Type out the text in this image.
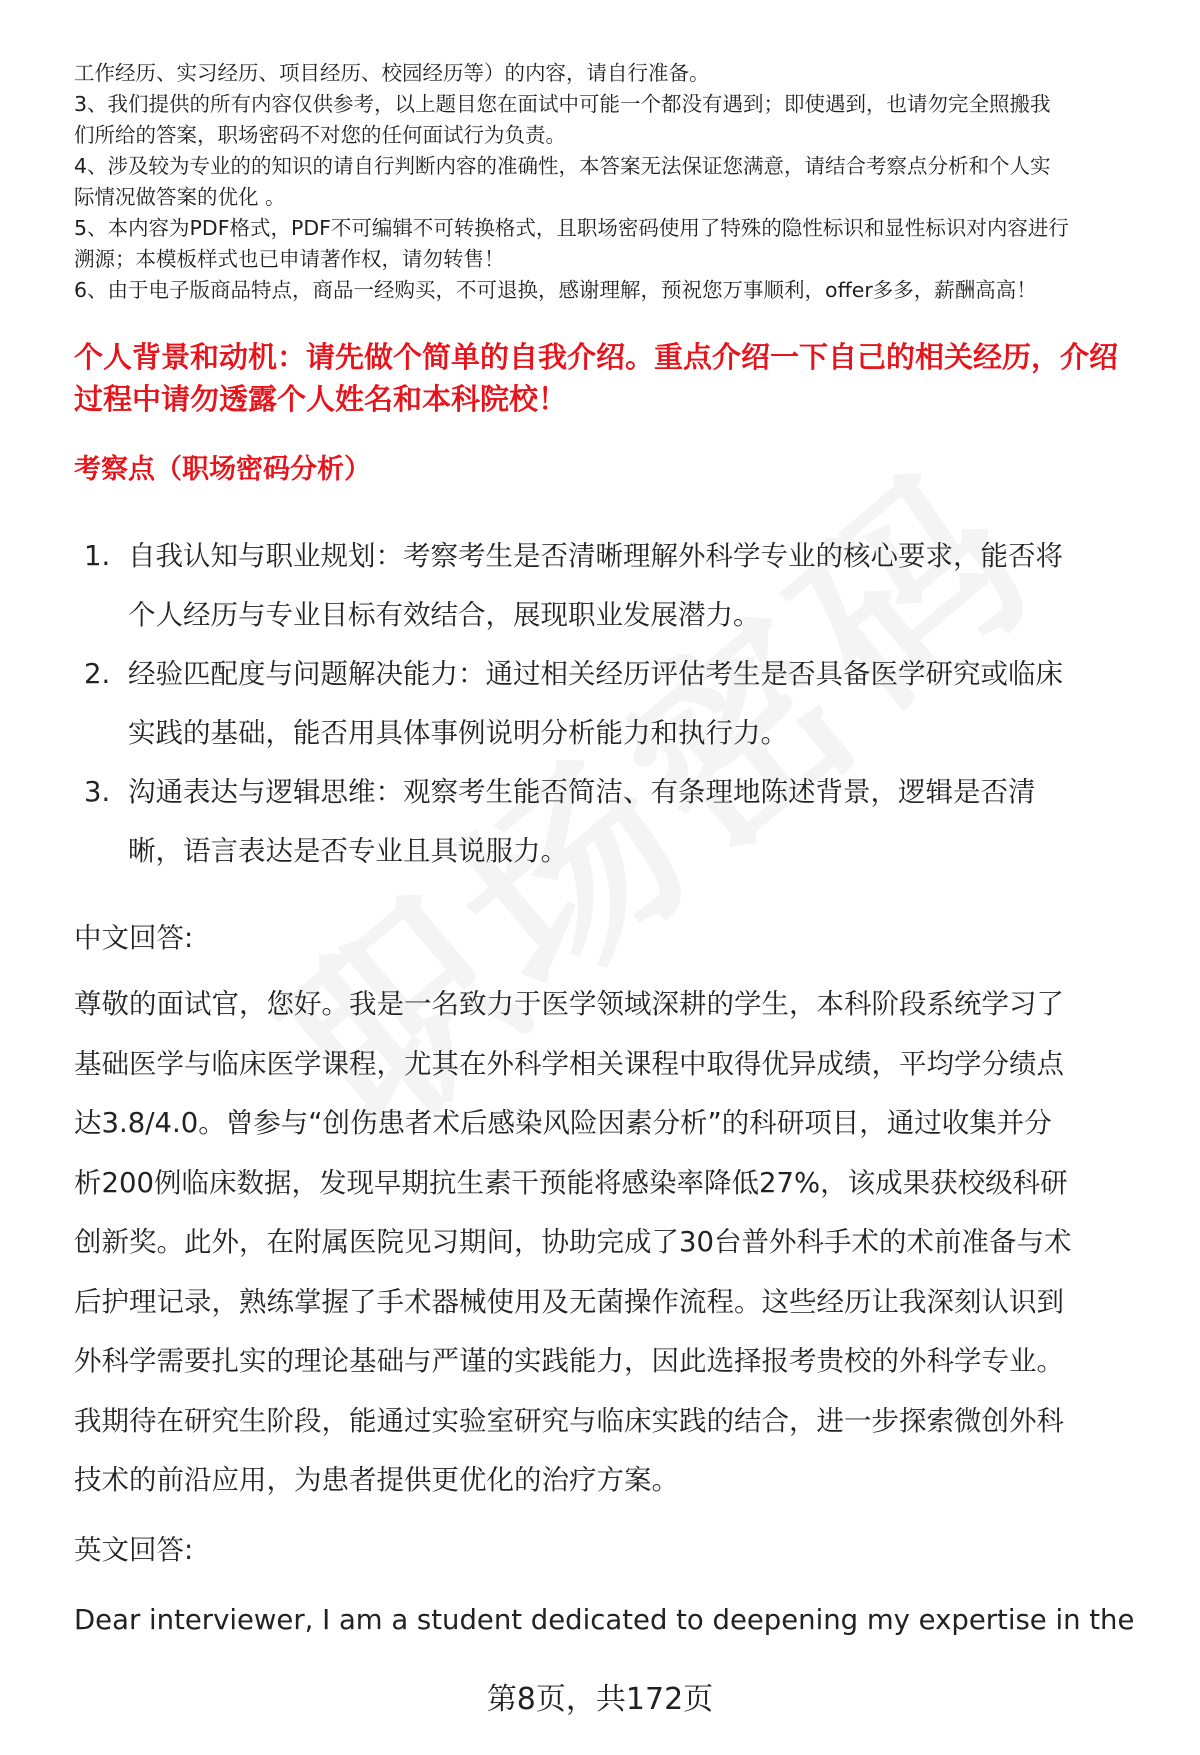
工作经历、实习经历、项目经历、校园经历等）的内容，请自行准备。
3、我们提供的所有内容仅供参考，以上题目您在面试中可能一个都没有遇到；即使遇到，也请勿完全照搬我
们所给的答案，职场密码不对您的任何面试行为负责。
4、涉及较为专业的的知识的请自行判断内容的准确性，本答案无法保证您满意，请结合考察点分析和个人实
际情况做答案的优化 。
5、本内容为PDF格式，PDF不可编辑不可转换格式，且职场密码使用了特殊的隐性标识和显性标识对内容进行
溯源；本模板样式也已申请著作权，请勿转售！
6、由于电子版商品特点，商品一经购买，不可退换，感谢理解，预祝您万事顺利，offer多多，薪酬高高！
个人背景和动机：请先做个简单的自我介绍。重点介绍一下自己的相关经历，介绍
过程中请勿透露个人姓名和本科院校！
考察点（职场密码分析）
1. 自我认知与职业规划：考察考生是否清晰理解外科学专业的核心要求，能否将
个人经历与专业目标有效结合，展现职业发展潜力。
2. 经验匹配度与问题解决能力：通过相关经历评估考生是否具备医学研究或临床
实践的基础，能否用具体事例说明分析能力和执行力。
3. 沟通表达与逻辑思维：观察考生能否简洁、有条理地陈述背景，逻辑是否清
晰，语言表达是否专业且具说服力。
中文回答:
尊敬的面试官，您好。我是一名致力于医学领域深耕的学生，本科阶段系统学习了
基础医学与临床医学课程，尤其在外科学相关课程中取得优异成绩，平均学分绩点
达3.8/4.0。曾参与“创伤患者术后感染风险因素分析”的科研项目，通过收集并分
析200例临床数据，发现早期抗生素干预能将感染率降低27%，该成果获校级科研
创新奖。此外，在附属医院见习期间，协助完成了30台普外科手术的术前准备与术
后护理记录，熟练掌握了手术器械使用及无菌操作流程。这些经历让我深刻认识到
外科学需要扎实的理论基础与严谨的实践能力，因此选择报考贵校的外科学专业。
我期待在研究生阶段，能通过实验室研究与临床实践的结合，进一步探索微创外科
技术的前沿应用，为患者提供更优化的治疗方案。
英文回答:
Dear interviewer, I am a student dedicated to deepening my expertise in the
第8页，共172页
